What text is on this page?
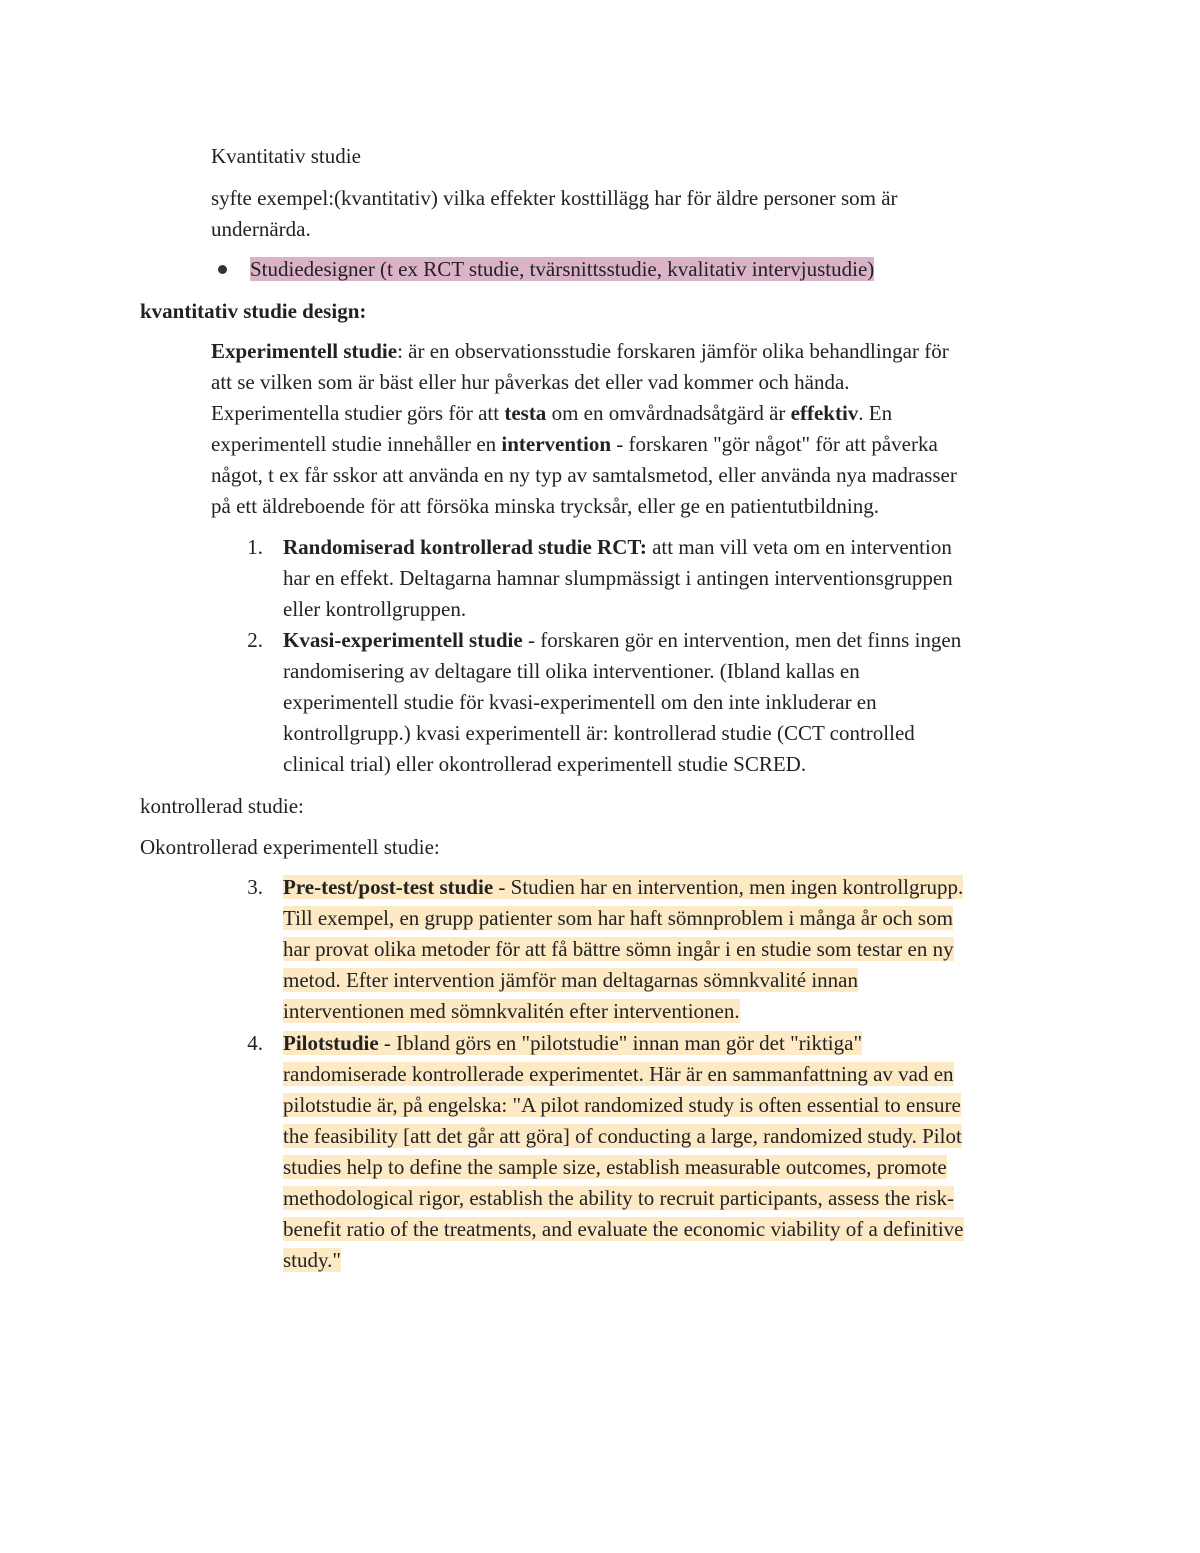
Kvantitativ studie
syfte exempel:(kvantitativ) vilka effekter kosttillägg har för äldre personer som är
undernärda.
Studiedesigner (t ex RCT studie, tvärsnittsstudie, kvalitativ intervjustudie)
kvantitativ studie design:
Experimentell studie: är en observationsstudie forskaren jämför olika behandlingar för
att se vilken som är bäst eller hur påverkas det eller vad kommer och hända.
Experimentella studier görs för att testa om en omvårdnadsåtgärd är effektiv. En
experimentell studie innehåller en intervention - forskaren "gör något" för att påverka
något, t ex får sskor att använda en ny typ av samtalsmetod, eller använda nya madrasser
på ett äldreboende för att försöka minska trycksår, eller ge en patientutbildning.
1. Randomiserad kontrollerad studie RCT: att man vill veta om en intervention
har en effekt. Deltagarna hamnar slumpmässigt i antingen interventionsgruppen
eller kontrollgruppen.
2. Kvasi-experimentell studie - forskaren gör en intervention, men det finns ingen
randomisering av deltagare till olika interventioner. (Ibland kallas en
experimentell studie för kvasi-experimentell om den inte inkluderar en
kontrollgrupp.) kvasi experimentell är: kontrollerad studie (CCT controlled
clinical trial) eller okontrollerad experimentell studie SCRED.
kontrollerad studie:
Okontrollerad experimentell studie:
3. Pre-test/post-test studie - Studien har en intervention, men ingen kontrollgrupp.
Till exempel, en grupp patienter som har haft sömnproblem i många år och som
har provat olika metoder för att få bättre sömn ingår i en studie som testar en ny
metod. Efter intervention jämför man deltagarnas sömnkvalité innan
interventionen med sömnkvalitén efter interventionen.
4. Pilotstudie - Ibland görs en "pilotstudie" innan man gör det "riktiga"
randomiserade kontrollerade experimentet. Här är en sammanfattning av vad en
pilotstudie är, på engelska: "A pilot randomized study is often essential to ensure
the feasibility [att det går att göra] of conducting a large, randomized study. Pilot
studies help to define the sample size, establish measurable outcomes, promote
methodological rigor, establish the ability to recruit participants, assess the risk-
benefit ratio of the treatments, and evaluate the economic viability of a definitive
study."
